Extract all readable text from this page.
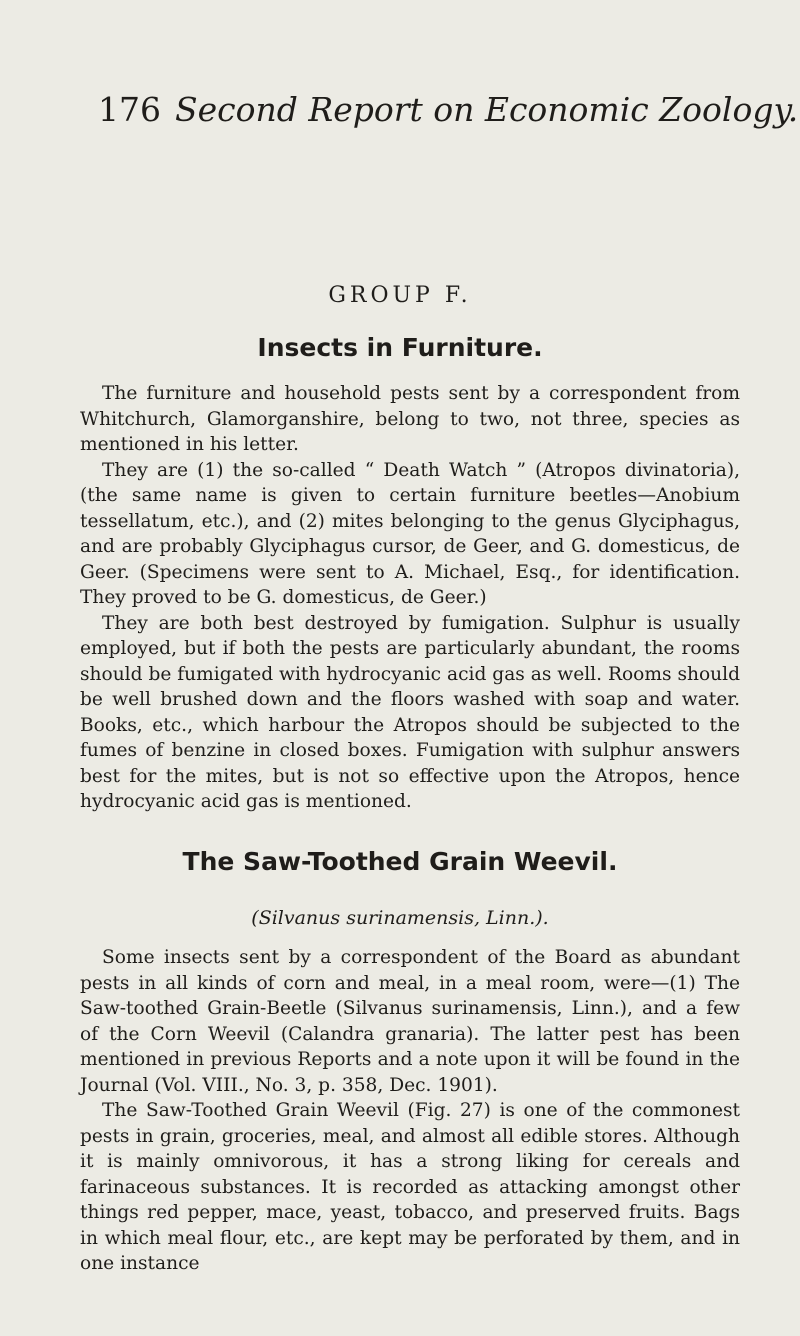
176 Second Report on Economic Zoology.
GROUP F.
Insects in Furniture.

The furniture and household pests sent by a correspondent from Whitchurch, Glamorganshire, belong to two, not three, species as mentioned in his letter.

They are (1) the so-called “ Death Watch ” (Atropos divinatoria), (the same name is given to certain furniture beetles—Anobium tessellatum, etc.), and (2) mites belonging to the genus Glyciphagus, and are probably Glyciphagus cursor, de Geer, and G. domesticus, de Geer. (Specimens were sent to A. Michael, Esq., for identification. They proved to be G. domesticus, de Geer.)

They are both best destroyed by fumigation. Sulphur is usually employed, but if both the pests are particularly abundant, the rooms should be fumigated with hydrocyanic acid gas as well. Rooms should be well brushed down and the floors washed with soap and water. Books, etc., which harbour the Atropos should be subjected to the fumes of benzine in closed boxes. Fumigation with sulphur answers best for the mites, but is not so effective upon the Atropos, hence hydrocyanic acid gas is mentioned.

The Saw-Toothed Grain Weevil.
(Silvanus surinamensis, Linn.).

Some insects sent by a correspondent of the Board as abundant pests in all kinds of corn and meal, in a meal room, were—(1) The Saw-toothed Grain-Beetle (Silvanus surinamensis, Linn.), and a few of the Corn Weevil (Calandra granaria). The latter pest has been mentioned in previous Reports and a note upon it will be found in the Journal (Vol. VIII., No. 3, p. 358, Dec. 1901).

The Saw-Toothed Grain Weevil (Fig. 27) is one of the commonest pests in grain, groceries, meal, and almost all edible stores. Although it is mainly omnivorous, it has a strong liking for cereals and farinaceous substances. It is recorded as attacking amongst other things red pepper, mace, yeast, tobacco, and preserved fruits. Bags in which meal flour, etc., are kept may be perforated by them, and in one instance
